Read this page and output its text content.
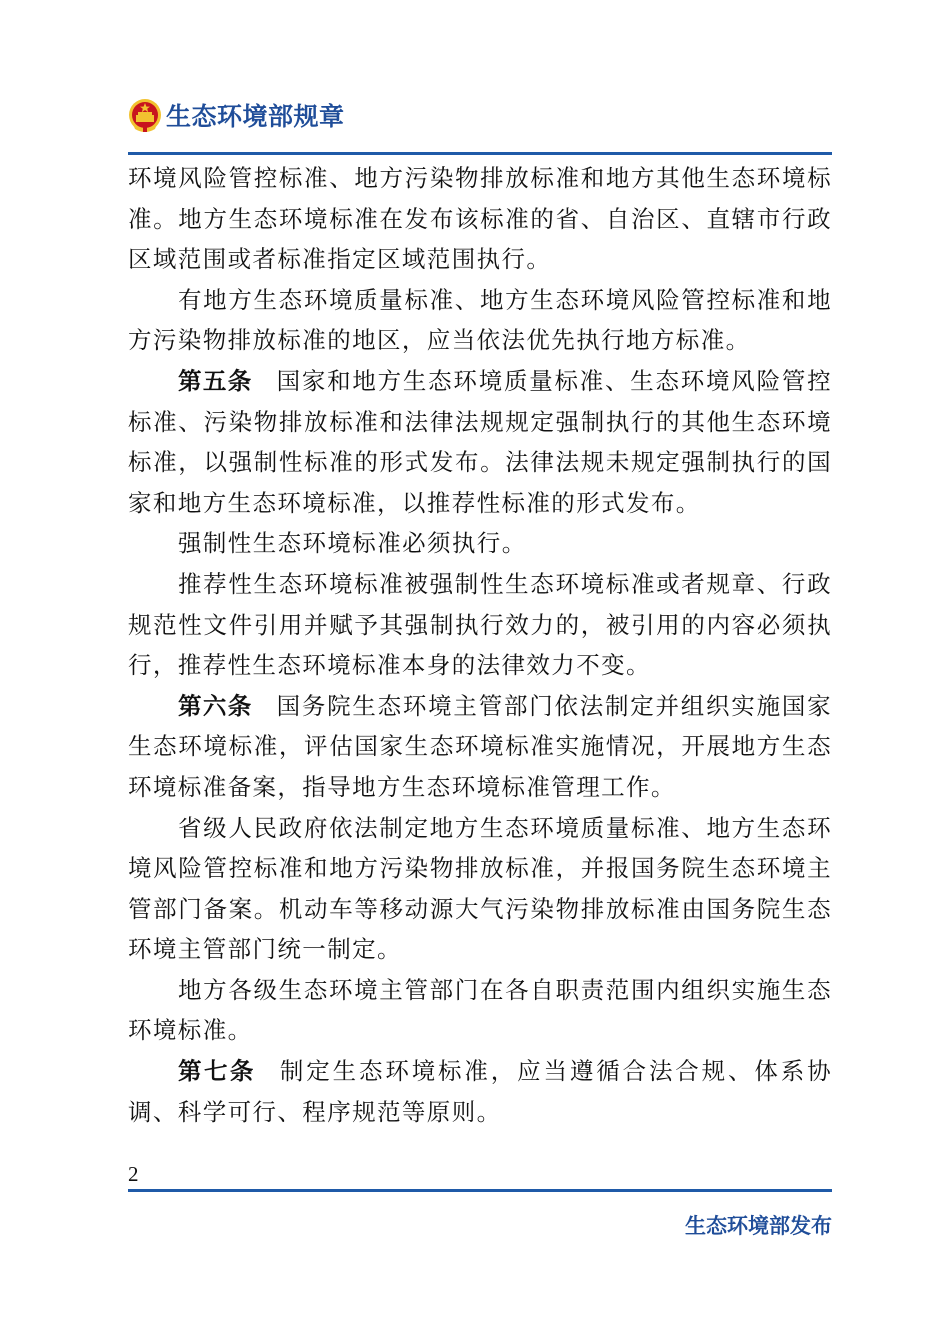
生态环境部规章

环境风险管控标准、地方污染物排放标准和地方其他生态环境标准。地方生态环境标准在发布该标准的省、自治区、直辖市行政区域范围或者标准指定区域范围执行。

有地方生态环境质量标准、地方生态环境风险管控标准和地方污染物排放标准的地区，应当依法优先执行地方标准。

第五条 国家和地方生态环境质量标准、生态环境风险管控标准、污染物排放标准和法律法规规定强制执行的其他生态环境标准，以强制性标准的形式发布。法律法规未规定强制执行的国家和地方生态环境标准，以推荐性标准的形式发布。

强制性生态环境标准必须执行。

推荐性生态环境标准被强制性生态环境标准或者规章、行政规范性文件引用并赋予其强制执行效力的，被引用的内容必须执行，推荐性生态环境标准本身的法律效力不变。

第六条 国务院生态环境主管部门依法制定并组织实施国家生态环境标准，评估国家生态环境标准实施情况，开展地方生态环境标准备案，指导地方生态环境标准管理工作。

省级人民政府依法制定地方生态环境质量标准、地方生态环境风险管控标准和地方污染物排放标准，并报国务院生态环境主管部门备案。机动车等移动源大气污染物排放标准由国务院生态环境主管部门统一制定。

地方各级生态环境主管部门在各自职责范围内组织实施生态环境标准。

第七条 制定生态环境标准，应当遵循合法合规、体系协调、科学可行、程序规范等原则。

2
生态环境部发布
